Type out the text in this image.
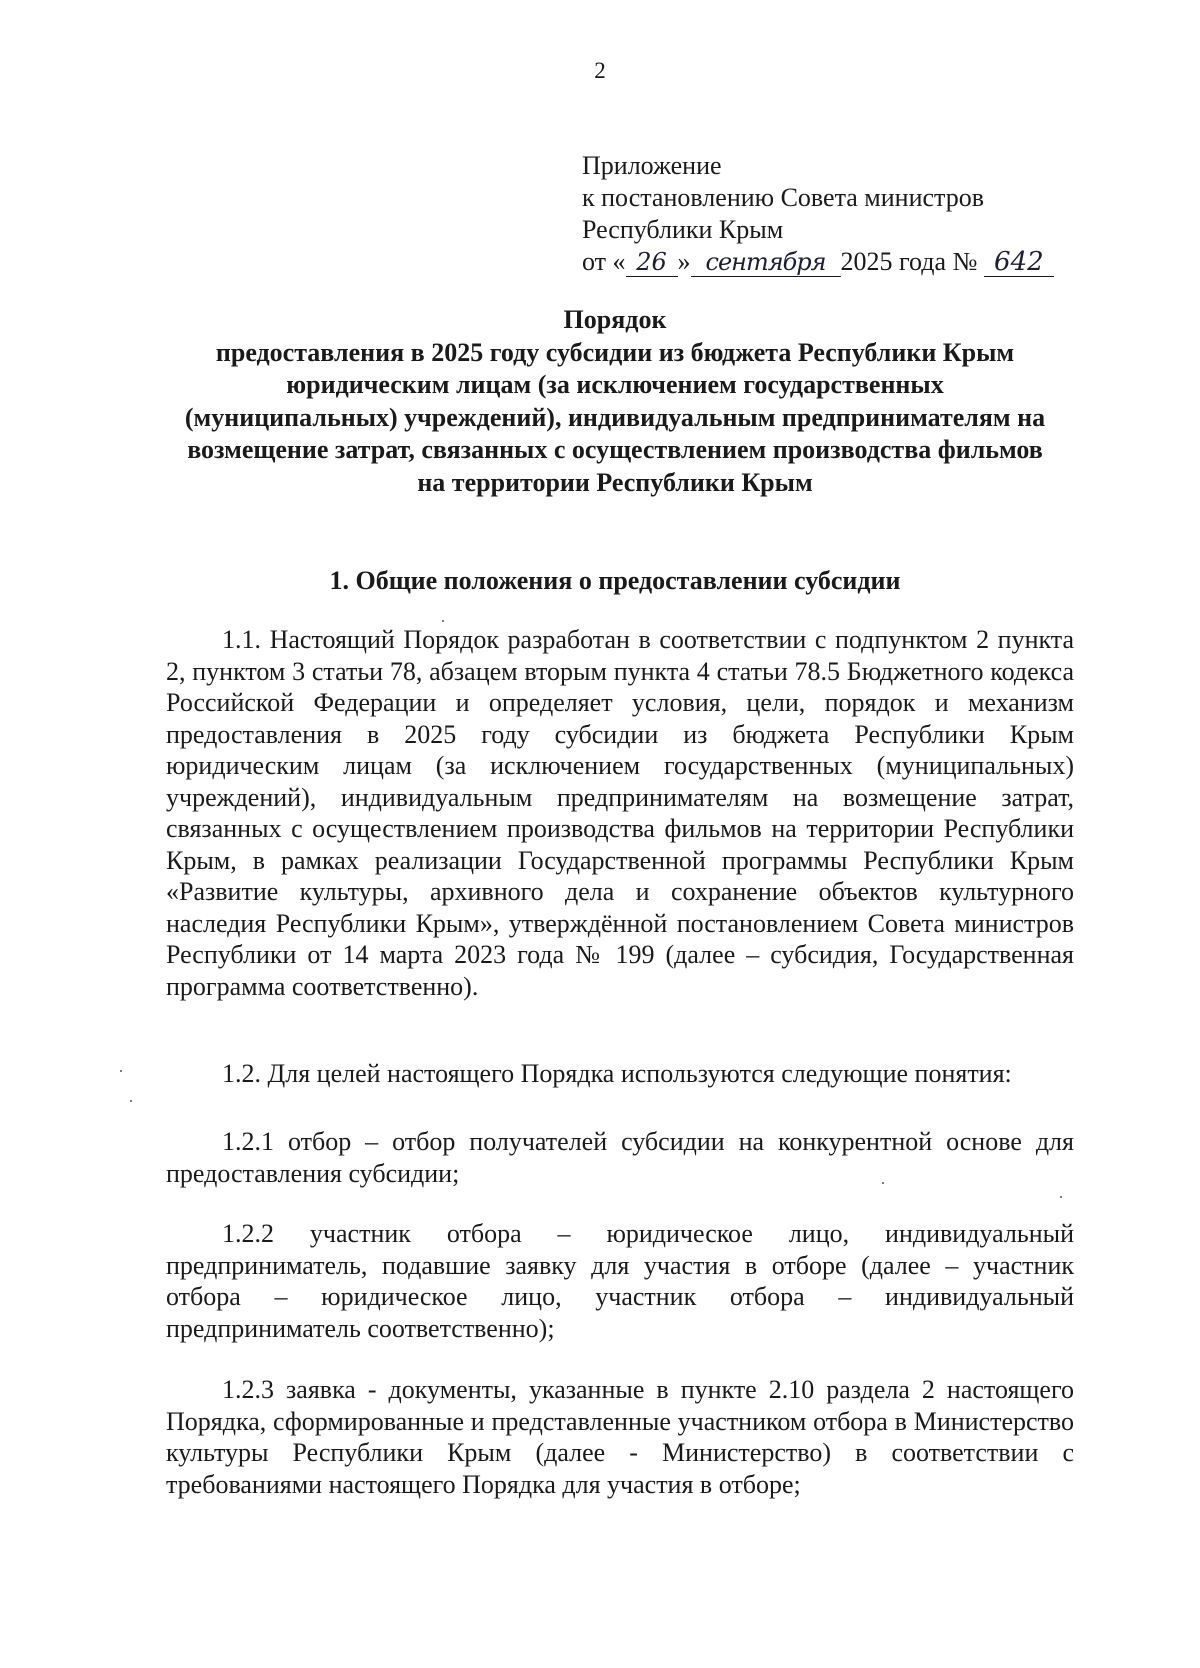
2
Приложение
к постановлению Совета министров
Республики Крым
от « 26 » сентября 2025 года № 642
Порядок
предоставления в 2025 году субсидии из бюджета Республики Крым
юридическим лицам (за исключением государственных
(муниципальных) учреждений), индивидуальным предпринимателям на
возмещение затрат, связанных с осуществлением производства фильмов
на территории Республики Крым
1. Общие положения о предоставлении субсидии

1.1. Настоящий Порядок разработан в соответствии с подпунктом 2 пункта 2, пунктом 3 статьи 78, абзацем вторым пункта 4 статьи 78.5 Бюджетного кодекса Российской Федерации и определяет условия, цели, порядок и механизм предоставления в 2025 году субсидии из бюджета Республики Крым юридическим лицам (за исключением государственных (муниципальных) учреждений), индивидуальным предпринимателям на возмещение затрат, связанных с осуществлением производства фильмов на территории Республики Крым, в рамках реализации Государственной программы Республики Крым «Развитие культуры, архивного дела и сохранение объектов культурного наследия Республики Крым», утверждённой постановлением Совета министров Республики от 14 марта 2023 года № 199 (далее – субсидия, Государственная программа соответственно).

1.2. Для целей настоящего Порядка используются следующие понятия:

1.2.1 отбор – отбор получателей субсидии на конкурентной основе для предоставления субсидии;

1.2.2 участник отбора – юридическое лицо, индивидуальный предприниматель, подавшие заявку для участия в отборе (далее – участник отбора – юридическое лицо, участник отбора – индивидуальный предприниматель соответственно);

1.2.3 заявка - документы, указанные в пункте 2.10 раздела 2 настоящего Порядка, сформированные и представленные участником отбора в Министерство культуры Республики Крым (далее - Министерство) в соответствии с требованиями настоящего Порядка для участия в отборе;
